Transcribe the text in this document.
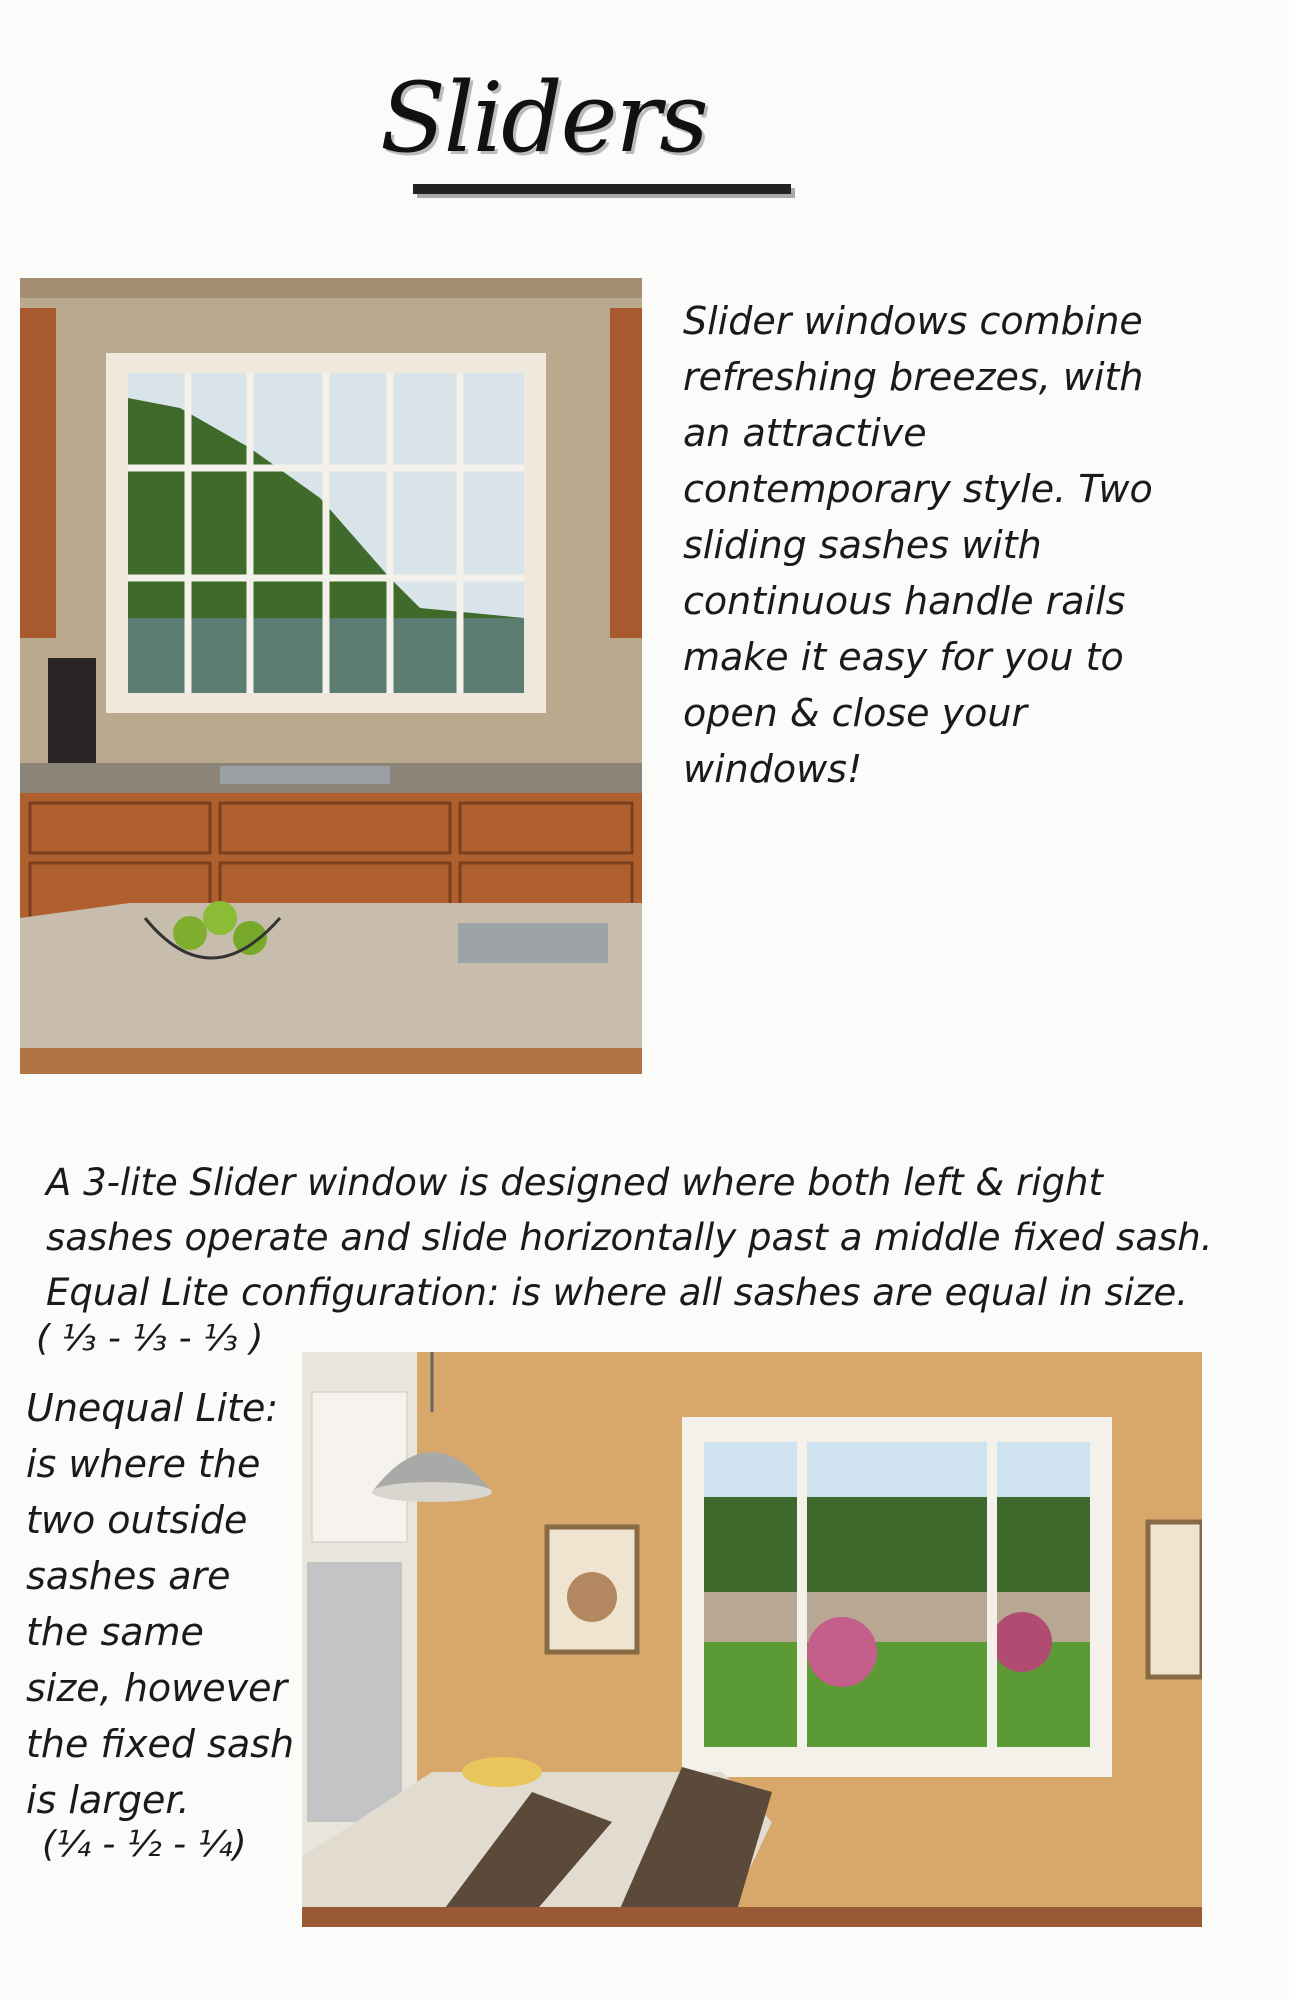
Sliders

Slider windows combine refreshing breezes, with an attractive contemporary style. Two sliding sashes with continuous handle rails make it easy for you to open & close your windows!

A 3-lite Slider window is designed where both left & right sashes operate and slide horizontally past a middle fixed sash. Equal Lite configuration: is where all sashes are equal in size.

( ⅓ - ⅓ - ⅓ )

Unequal Lite: is where the two outside sashes are the same size, however the fixed sash is larger.

(¼ - ½ - ¼)
